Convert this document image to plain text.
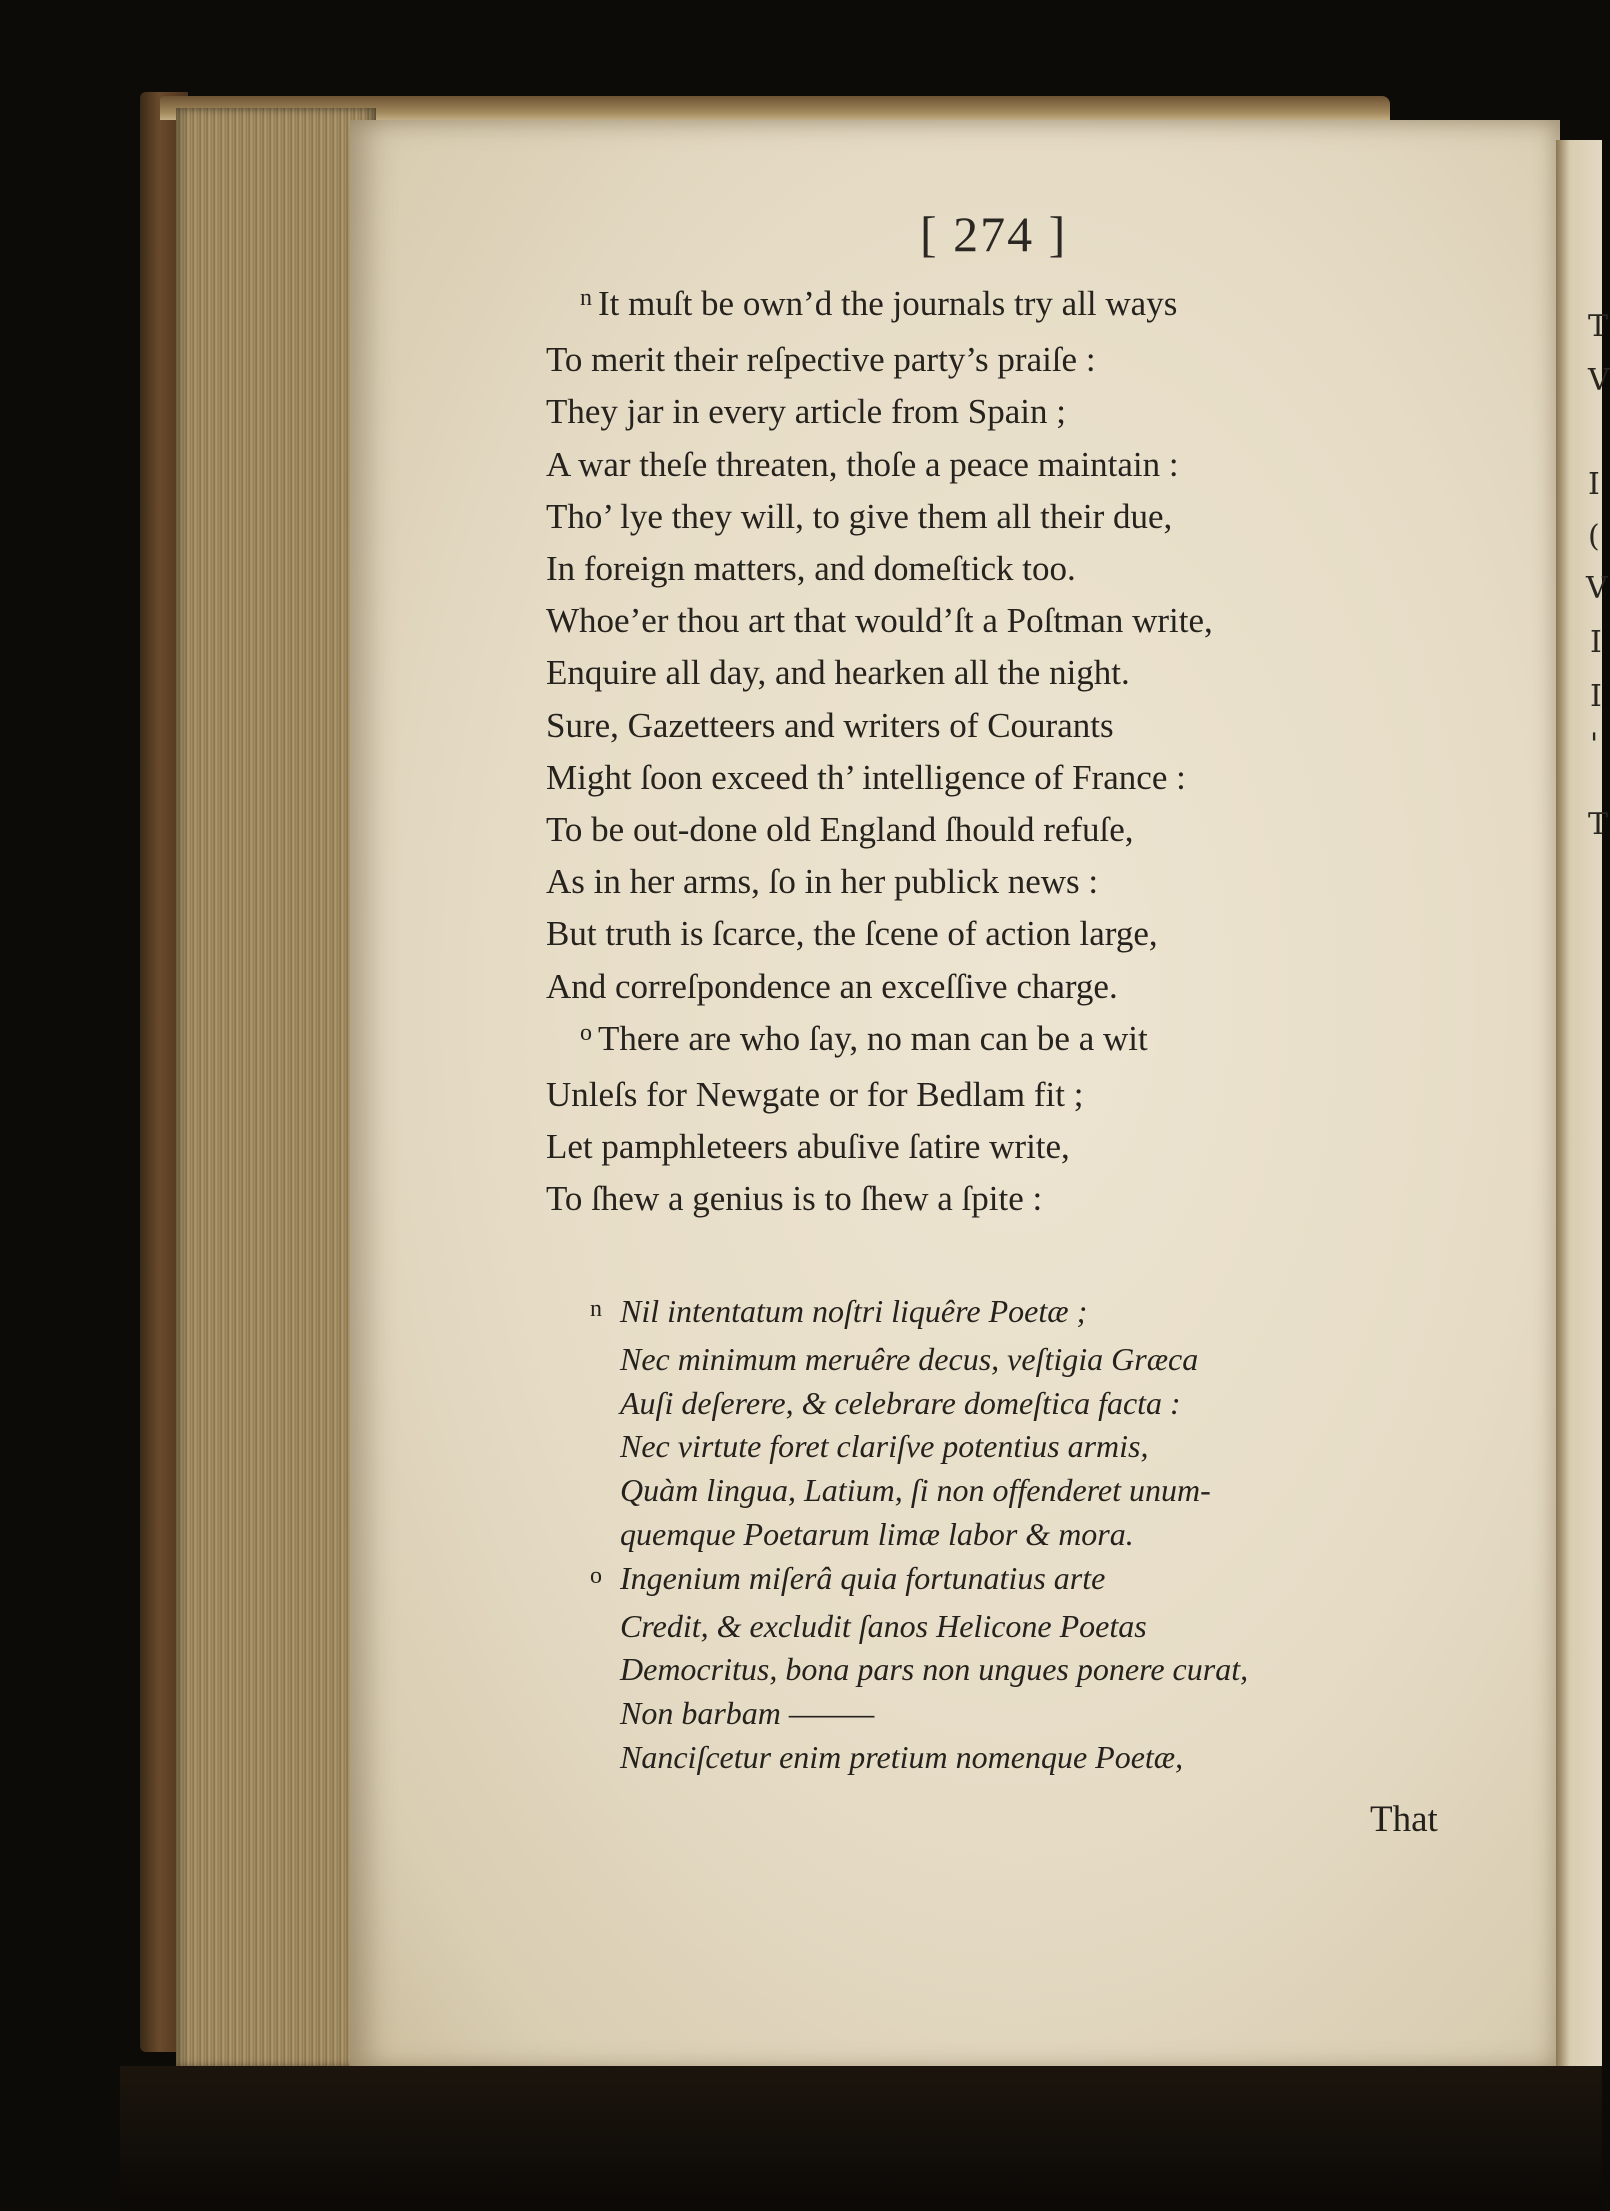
T
V
I
(
V
I
I
'
T
[ 274 ]
$^n$ It muſt be own’d the journals try all ways
To merit their reſpective party’s praiſe :
They jar in every article from Spain ;
A war theſe threaten, thoſe a peace maintain :
Tho’ lye they will, to give them all their due,
In foreign matters, and domeſtick too.
Whoe’er thou art that would’ſt a Poſtman write,
Enquire all day, and hearken all the night.
Sure, Gazetteers and writers of Courants
Might ſoon exceed th’ intelligence of France :
To be out-done old England ſhould refuſe,
As in her arms, ſo in her publick news :
But truth is ſcarce, the ſcene of action large,
And correſpondence an exceſſive charge.
$^o$ There are who ſay, no man can be a wit
Unleſs for Newgate or for Bedlam fit ;
Let pamphleteers abuſive ſatire write,
To ſhew a genius is to ſhew a ſpite :
n Nil intentatum noſtri liquêre Poetæ ;
Nec minimum meruêre decus, veſtigia Græca
Auſi deſerere, & celebrare domeſtica facta :
Nec virtute foret clariſve potentius armis,
Quàm lingua, Latium, ſi non offenderet unum-
quemque Poetarum limæ labor & mora.
o Ingenium miſerâ quia fortunatius arte
Credit, & excludit ſanos Helicone Poetas
Democritus, bona pars non ungues ponere curat,
Non barbam ———
Nanciſcetur enim pretium nomenque Poetæ,
That
